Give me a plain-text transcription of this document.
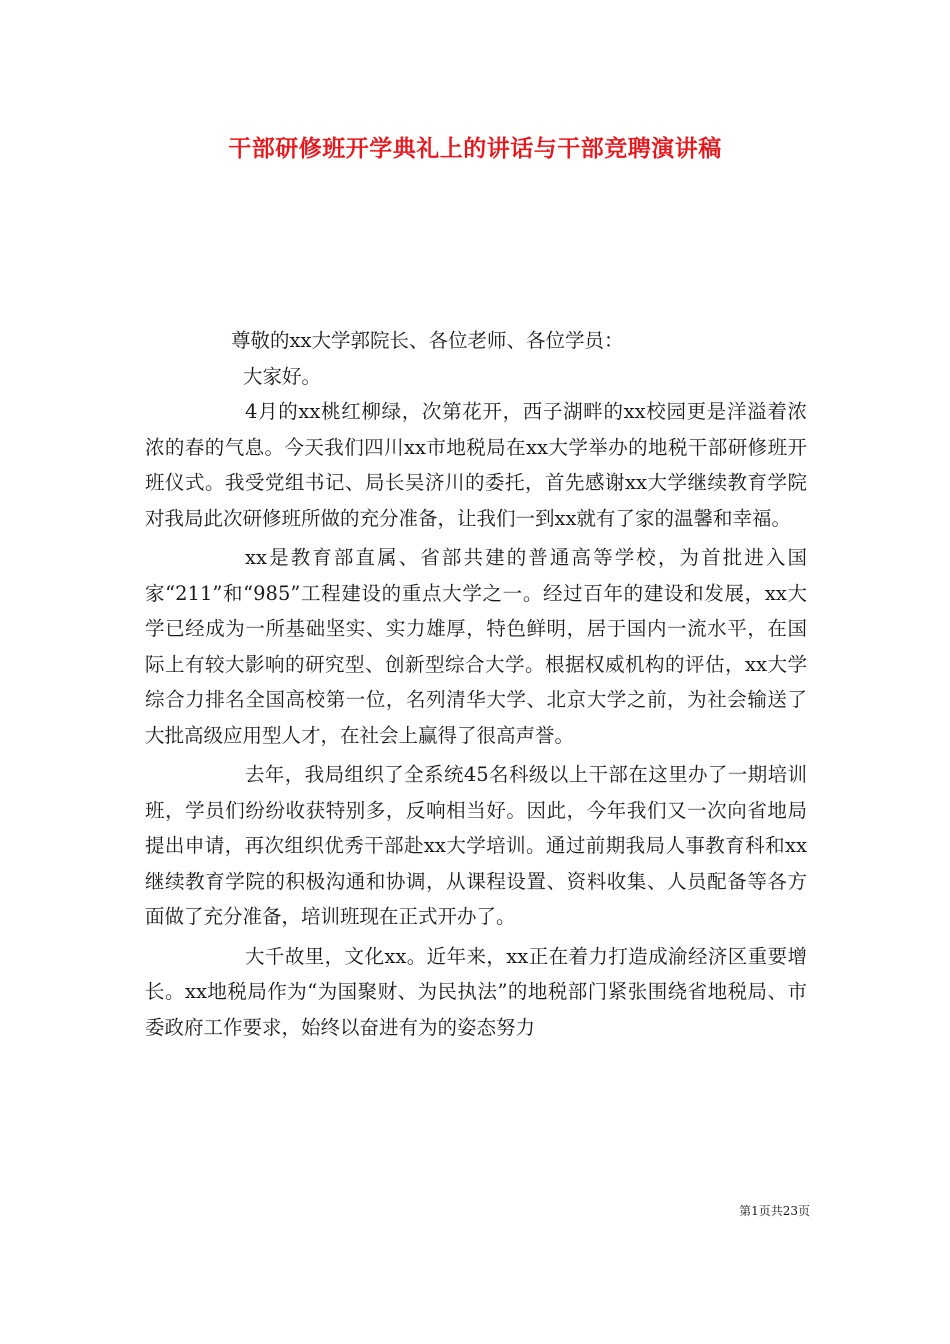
干部研修班开学典礼上的讲话与干部竞聘演讲稿

尊敬的xx大学郭院长、各位老师、各位学员：

大家好。

4月的xx桃红柳绿，次第花开，西子湖畔的xx校园更是洋溢着浓浓的春的气息。今天我们四川xx市地税局在xx大学举办的地税干部研修班开班仪式。我受党组书记、局长吴济川的委托，首先感谢xx大学继续教育学院对我局此次研修班所做的充分准备，让我们一到xx就有了家的温馨和幸福。

xx是教育部直属、省部共建的普通高等学校，为首批进入国家“211”和“985”工程建设的重点大学之一。经过百年的建设和发展，xx大学已经成为一所基础坚实、实力雄厚，特色鲜明，居于国内一流水平，在国际上有较大影响的研究型、创新型综合大学。根据权威机构的评估，xx大学综合力排名全国高校第一位，名列清华大学、北京大学之前，为社会输送了大批高级应用型人才，在社会上赢得了很高声誉。

去年，我局组织了全系统45名科级以上干部在这里办了一期培训班，学员们纷纷收获特别多，反响相当好。因此，今年我们又一次向省地局提出申请，再次组织优秀干部赴xx大学培训。通过前期我局人事教育科和xx继续教育学院的积极沟通和协调，从课程设置、资料收集、人员配备等各方面做了充分准备，培训班现在正式开办了。

大千故里，文化xx。近年来，xx正在着力打造成渝经济区重要增长。xx地税局作为“为国聚财、为民执法”的地税部门紧张围绕省地税局、市委政府工作要求，始终以奋进有为的姿态努力

第1页共23页
